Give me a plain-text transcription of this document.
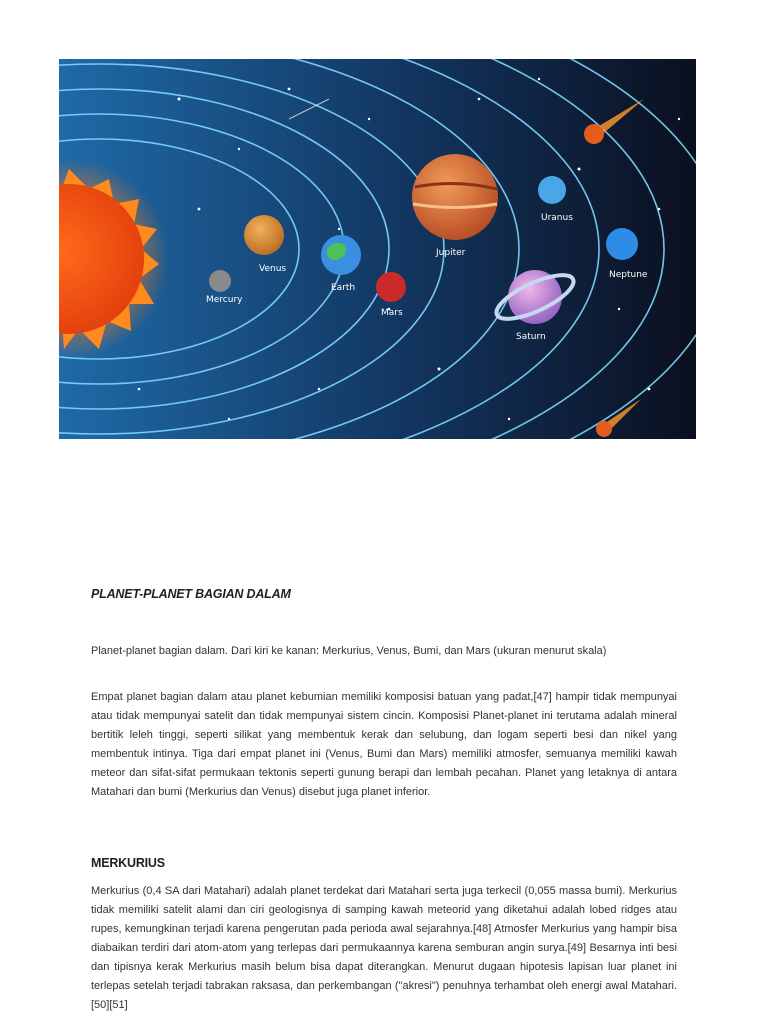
Mercury
Venus
Earth
Mars
Jupiter
Saturn
Uranus
Neptune
PLANET-PLANET BAGIAN DALAM

Planet-planet bagian dalam. Dari kiri ke kanan: Merkurius, Venus, Bumi, dan Mars (ukuran menurut skala)

Empat planet bagian dalam atau planet kebumian memiliki komposisi batuan yang padat,[47] hampir tidak mempunyai atau tidak mempunyai satelit dan tidak mempunyai sistem cincin. Komposisi Planet-planet ini terutama adalah mineral bertitik leleh tinggi, seperti silikat yang membentuk kerak dan selubung, dan logam seperti besi dan nikel yang membentuk intinya. Tiga dari empat planet ini (Venus, Bumi dan Mars) memiliki atmosfer, semuanya memiliki kawah meteor dan sifat-sifat permukaan tektonis seperti gunung berapi dan lembah pecahan. Planet yang letaknya di antara Matahari dan bumi (Merkurius dan Venus) disebut juga planet inferior.

MERKURIUS

Merkurius (0,4 SA dari Matahari) adalah planet terdekat dari Matahari serta juga terkecil (0,055 massa bumi). Merkurius tidak memiliki satelit alami dan ciri geologisnya di samping kawah meteorid yang diketahui adalah lobed ridges atau rupes, kemungkinan terjadi karena pengerutan pada perioda awal sejarahnya.[48] Atmosfer Merkurius yang hampir bisa diabaikan terdiri dari atom-atom yang terlepas dari permukaannya karena semburan angin surya.[49] Besarnya inti besi dan tipisnya kerak Merkurius masih belum bisa dapat diterangkan. Menurut dugaan hipotesis lapisan luar planet ini terlepas setelah terjadi tabrakan raksasa, dan perkembangan ("akresi") penuhnya terhambat oleh energi awal Matahari.[50][51]
